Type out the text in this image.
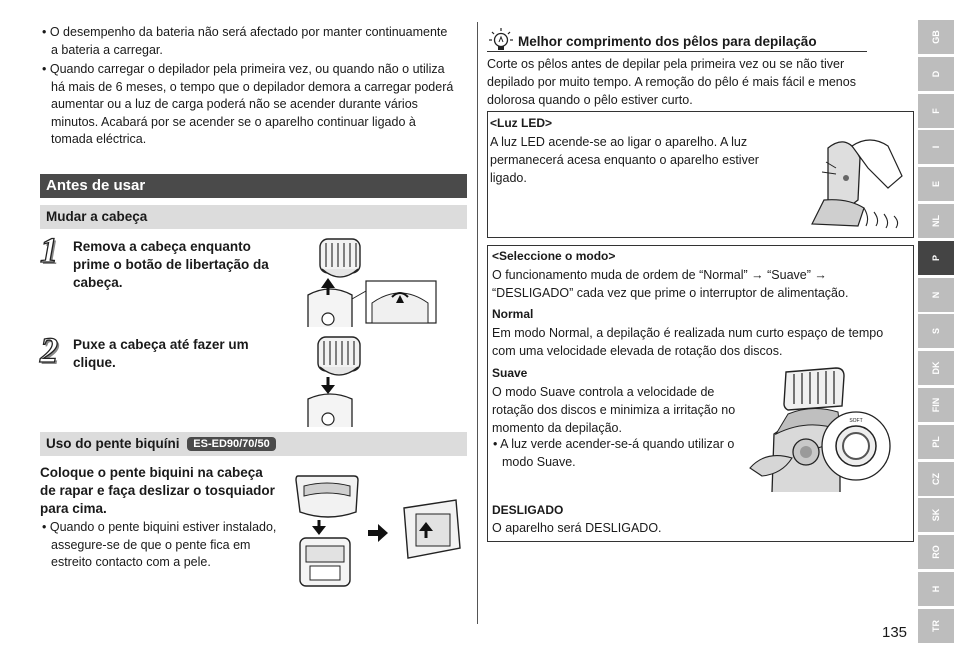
• O desempenho da bateria não será afectado por manter continuamente a bateria a carregar.

• Quando carregar o depilador pela primeira vez, ou quando não o utiliza há mais de 6 meses, o tempo que o depilador demora a carregar poderá aumentar ou a luz de carga poderá não se acender durante vários minutos. Acabará por se acender se o aparelho continuar ligado à tomada eléctrica.

Antes de usar
Mudar a cabeça
1 Remova a cabeça enquanto prime o botão de libertação da cabeça.
2 Puxe a cabeça até fazer um clique.
Uso do pente biquíni ES-ED90/70/50
Coloque o pente biquini na cabeça de rapar e faça deslizar o tosquiador para cima.

• Quando o pente biquini estiver instalado, assegure-se de que o pente fica em estreito contacto com a pele.

Melhor comprimento dos pêlos para depilação
Corte os pêlos antes de depilar pela primeira vez ou se não tiver depilado por muito tempo. A remoção do pêlo é mais fácil e menos dolorosa quando o pêlo estiver curto.
<Luz LED>
A luz LED acende-se ao ligar o aparelho. A luz permanecerá acesa enquanto o aparelho estiver ligado.
<Seleccione o modo>
O funcionamento muda de ordem de “Normal” → “Suave” → “DESLIGADO” cada vez que prime o interruptor de alimentação.
Normal
Em modo Normal, a depilação é realizada num curto espaço de tempo com uma velocidade elevada de rotação dos discos.
Suave
O modo Suave controla a velocidade de rotação dos discos e minimiza a irritação no momento da depilação.

• A luz verde acender-se-á quando utilizar o modo Suave.

SOFT
DESLIGADO
O aparelho será DESLIGADO.
135
GB
D
F
I
E
NL
P
N
S
DK
FIN
PL
CZ
SK
RO
H
TR
